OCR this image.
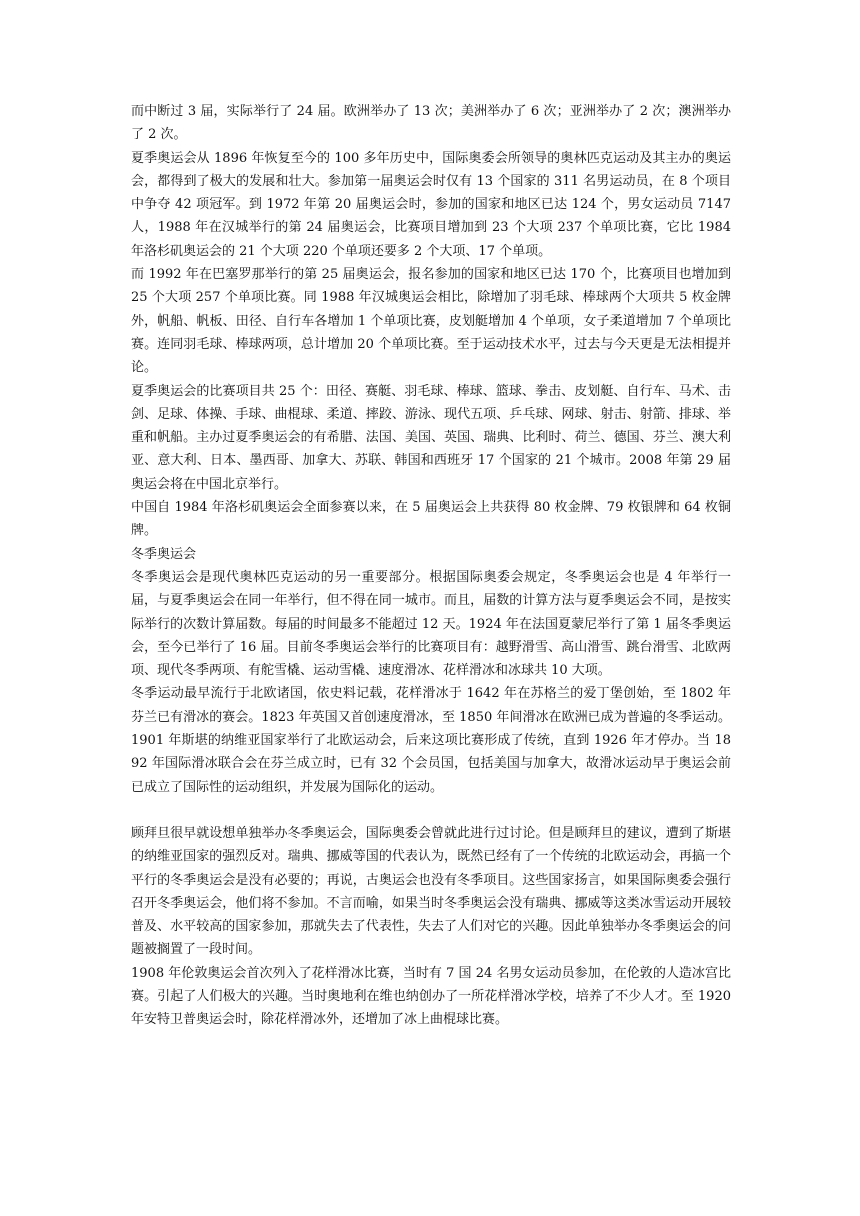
而中断过 3 届，实际举行了 24 届。欧洲举办了 13 次；美洲举办了 6 次；亚洲举办了 2 次；澳洲举办了 2 次。

夏季奥运会从 1896 年恢复至今的 100 多年历史中，国际奥委会所领导的奥林匹克运动及其主办的奥运会，都得到了极大的发展和壮大。参加第一届奥运会时仅有 13 个国家的 311 名男运动员，在 8 个项目中争夺 42 项冠军。到 1972 年第 20 届奥运会时，参加的国家和地区已达 124 个，男女运动员 7147 人，1988 年在汉城举行的第 24 届奥运会，比赛项目增加到 23 个大项 237 个单项比赛，它比 1984 年洛杉矶奥运会的 21 个大项 220 个单项还要多 2 个大项、17 个单项。

而 1992 年在巴塞罗那举行的第 25 届奥运会，报名参加的国家和地区已达 170 个，比赛项目也增加到 25 个大项 257 个单项比赛。同 1988 年汉城奥运会相比，除增加了羽毛球、棒球两个大项共 5 枚金牌外，帆船、帆板、田径、自行车各增加 1 个单项比赛，皮划艇增加 4 个单项，女子柔道增加 7 个单项比赛。连同羽毛球、棒球两项，总计增加 20 个单项比赛。至于运动技术水平，过去与今天更是无法相提并论。

夏季奥运会的比赛项目共 25 个：田径、赛艇、羽毛球、棒球、篮球、拳击、皮划艇、自行车、马术、击剑、足球、体操、手球、曲棍球、柔道、摔跤、游泳、现代五项、乒乓球、网球、射击、射箭、排球、举重和帆船。主办过夏季奥运会的有希腊、法国、美国、英国、瑞典、比利时、荷兰、德国、芬兰、澳大利亚、意大利、日本、墨西哥、加拿大、苏联、韩国和西班牙 17 个国家的 21 个城市。2008 年第 29 届奥运会将在中国北京举行。

中国自 1984 年洛杉矶奥运会全面参赛以来，在 5 届奥运会上共获得 80 枚金牌、79 枚银牌和 64 枚铜牌。

冬季奥运会

冬季奥运会是现代奥林匹克运动的另一重要部分。根据国际奥委会规定，冬季奥运会也是 4 年举行一届，与夏季奥运会在同一年举行，但不得在同一城市。而且，届数的计算方法与夏季奥运会不同，是按实际举行的次数计算届数。每届的时间最多不能超过 12 天。1924 年在法国夏蒙尼举行了第 1 届冬季奥运会，至今已举行了 16 届。目前冬季奥运会举行的比赛项目有：越野滑雪、高山滑雪、跳台滑雪、北欧两项、现代冬季两项、有舵雪橇、运动雪橇、速度滑冰、花样滑冰和冰球共 10 大项。

冬季运动最早流行于北欧诸国，依史料记载，花样滑冰于 1642 年在苏格兰的爱丁堡创始，至 1802 年芬兰已有滑冰的赛会。1823 年英国又首创速度滑冰，至 1850 年间滑冰在欧洲已成为普遍的冬季运动。1901 年斯堪的纳维亚国家举行了北欧运动会，后来这项比赛形成了传统，直到 1926 年才停办。当 1892 年国际滑冰联合会在芬兰成立时，已有 32 个会员国，包括美国与加拿大，故滑冰运动早于奥运会前已成立了国际性的运动组织，并发展为国际化的运动。

顾拜旦很早就设想单独举办冬季奥运会，国际奥委会曾就此进行过讨论。但是顾拜旦的建议，遭到了斯堪的纳维亚国家的强烈反对。瑞典、挪威等国的代表认为，既然已经有了一个传统的北欧运动会，再搞一个平行的冬季奥运会是没有必要的；再说，古奥运会也没有冬季项目。这些国家扬言，如果国际奥委会强行召开冬季奥运会，他们将不参加。不言而喻，如果当时冬季奥运会没有瑞典、挪威等这类冰雪运动开展较普及、水平较高的国家参加，那就失去了代表性，失去了人们对它的兴趣。因此单独举办冬季奥运会的问题被搁置了一段时间。

1908 年伦敦奥运会首次列入了花样滑冰比赛，当时有 7 国 24 名男女运动员参加，在伦敦的人造冰宫比赛。引起了人们极大的兴趣。当时奥地利在维也纳创办了一所花样滑冰学校，培养了不少人才。至 1920 年安特卫普奥运会时，除花样滑冰外，还增加了冰上曲棍球比赛。
